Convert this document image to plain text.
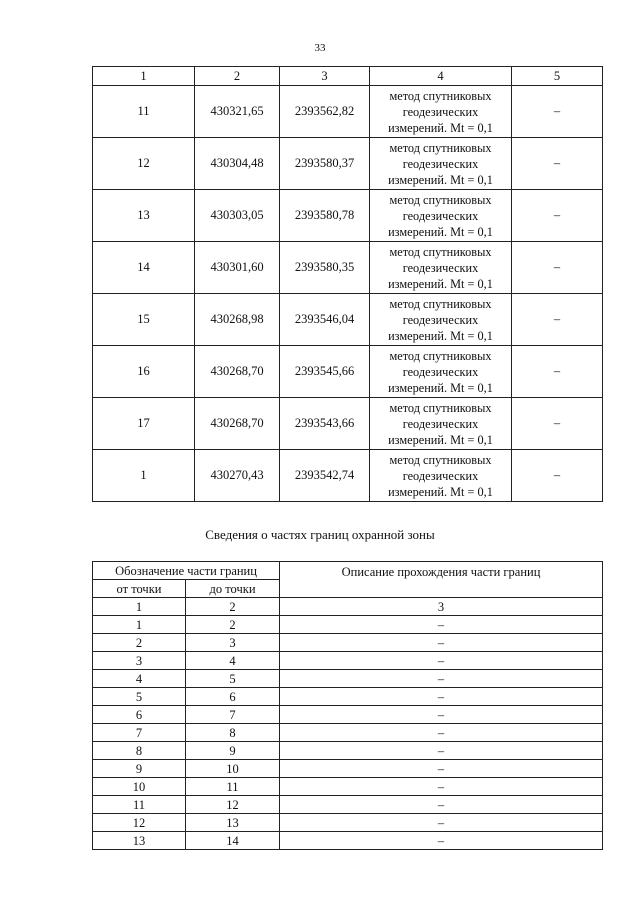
33
1	2	3	4	5
11	430321,65	2393562,82	метод спутниковых
геодезических
измерений. Mt = 0,1	–
12	430304,48	2393580,37	метод спутниковых
геодезических
измерений. Mt = 0,1	–
13	430303,05	2393580,78	метод спутниковых
геодезических
измерений. Mt = 0,1	–
14	430301,60	2393580,35	метод спутниковых
геодезических
измерений. Mt = 0,1	–
15	430268,98	2393546,04	метод спутниковых
геодезических
измерений. Mt = 0,1	–
16	430268,70	2393545,66	метод спутниковых
геодезических
измерений. Mt = 0,1	–
17	430268,70	2393543,66	метод спутниковых
геодезических
измерений. Mt = 0,1	–
1	430270,43	2393542,74	метод спутниковых
геодезических
измерений. Mt = 0,1	–
Сведения о частях границ охранной зоны
Обозначение части границ		Описание прохождения части границ
от точки	до точки	
1	2	3
1	2	–
2	3	–
3	4	–
4	5	–
5	6	–
6	7	–
7	8	–
8	9	–
9	10	–
10	11	–
11	12	–
12	13	–
13	14	–
